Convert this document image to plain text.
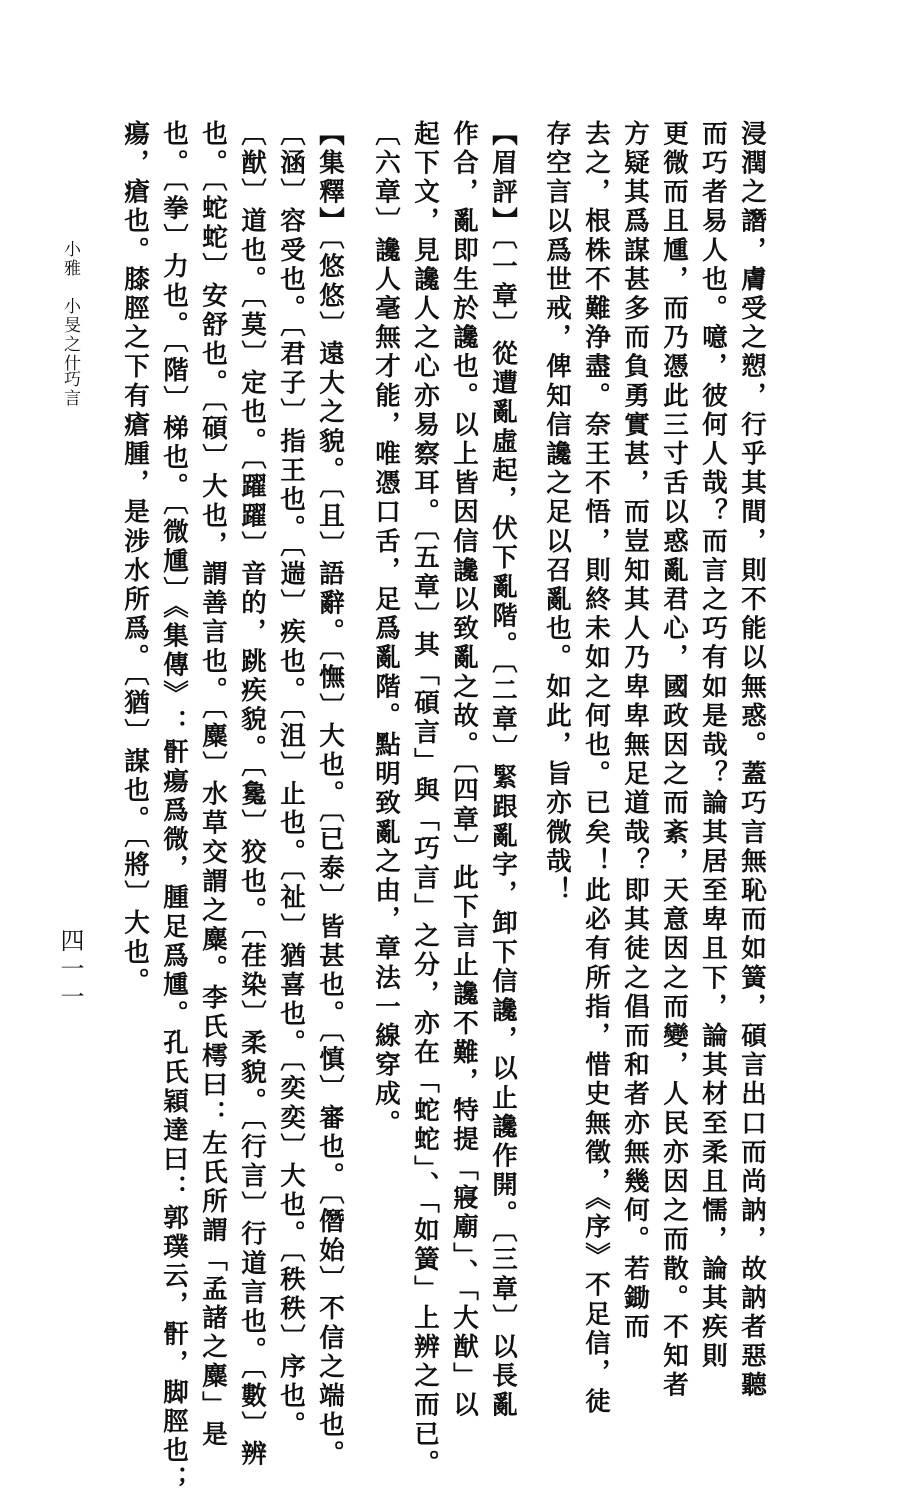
存空言以爲世戒，俾知信讒之足以召亂也。如此，旨亦微哉！ 去之，根株不難浄盡。奈王不悟，則終未如之何也。已矣！此必有所指，惜史無徵，《序》不足信，徒 方疑其爲謀甚多而負勇實甚，而豈知其人乃卑卑無足道哉？即其徒之倡而和者亦無幾何。若鋤而 更微而且尰，而乃憑此三寸舌以惑亂君心，國政因之而紊，天意因之而變，人民亦因之而散。不知者 而巧者易人也。噫，彼何人哉？而言之巧有如是哉？論其居至卑且下，論其材至柔且懦，論其疾則 浸潤之譖，膚受之愬，行乎其間，則不能以無惑。蓋巧言無恥而如簧，碩言出口而尚訥，故訥者惡聽
【眉評】〔一章〕從遭亂虛起，伏下亂階。〔二章〕緊跟亂字，卸下信讒，以止讒作開。〔三章〕以長亂
作合，亂即生於讒也。以上皆因信讒以致亂之故。〔四章〕此下言止讒不難，特提「寢廟」、「大猷」以
起下文，見讒人之心亦易察耳。〔五章〕其「碩言」與「巧言」之分，亦在「蛇蛇」、「如簧」上辨之而已。
〔六章〕讒人毫無才能，唯憑口舌，足爲亂階。點明致亂之由，章法一線穿成。
【集釋】〔悠悠〕遠大之貌。〔且〕語辭。〔憮〕大也。〔已泰〕皆甚也。〔慎〕審也。〔僭始〕不信之端也。
〔涵〕容受也。〔君子〕指王也。〔遄〕疾也。〔沮〕止也。〔祉〕猶喜也。〔奕奕〕大也。〔秩秩〕序也。
〔猷〕道也。〔莫〕定也。〔躍躍〕音的，跳疾貌。〔毚〕狡也。〔荏染〕柔貌。〔行言〕行道言也。〔數〕辨
也。〔蛇蛇〕安舒也。〔碩〕大也，謂善言也。〔麋〕水草交謂之麋。李氏樗曰：左氏所謂「孟諸之麋」是
也。〔拳〕力也。〔階〕梯也。〔微尰〕《集傳》：骭瘍爲微，腫足爲尰。孔氏穎達曰：郭璞云，骭，脚脛也；
瘍，瘡也。膝脛之下有瘡腫，是涉水所爲。〔猶〕謀也。〔將〕大也。
小雅　小旻之什
巧言
四一一
